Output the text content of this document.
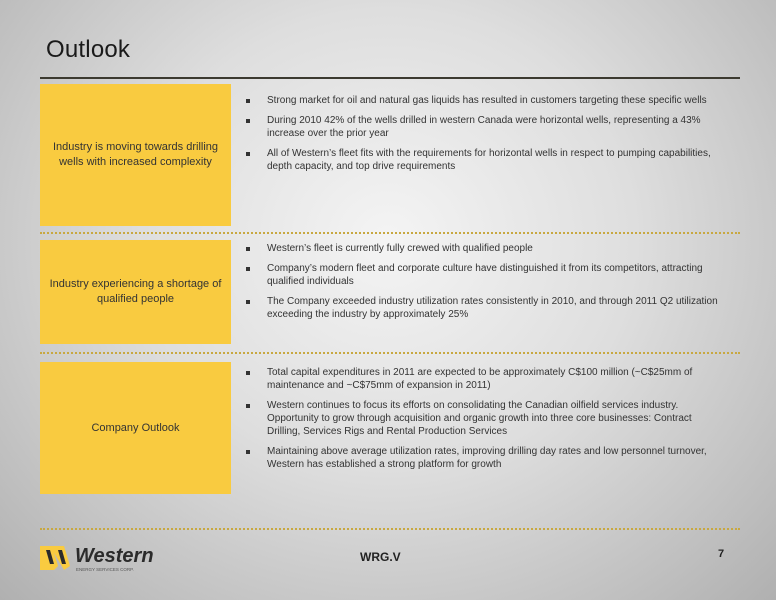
Outlook
Industry is moving towards drilling wells with increased complexity
Strong market for oil and natural gas liquids has resulted in customers targeting these specific wells
During 2010 42% of the wells drilled in western Canada were horizontal wells, representing a 43% increase over the prior year
All of Western’s fleet fits with the requirements for horizontal wells in respect to pumping capabilities, depth capacity, and top drive requirements
Industry experiencing a shortage of qualified people
Western’s fleet is currently fully crewed with qualified people
Company’s modern fleet and corporate culture have distinguished it from its competitors, attracting qualified individuals
The Company exceeded industry utilization rates consistently in 2010, and through 2011 Q2 utilization exceeding the industry by approximately 25%
Company Outlook
Total capital expenditures in 2011 are expected to be approximately C$100 million (~C$25mm of maintenance and ~C$75mm of expansion in 2011)
Western continues to focus its efforts on consolidating the Canadian oilfield services industry. Opportunity to grow through acquisition and organic growth into three core businesses: Contract Drilling, Services Rigs and Rental Production Services
Maintaining above average utilization rates, improving drilling day rates and low personnel turnover, Western has established a strong platform for growth
Western
ENERGY SERVICES CORP.
WRG.V	7
